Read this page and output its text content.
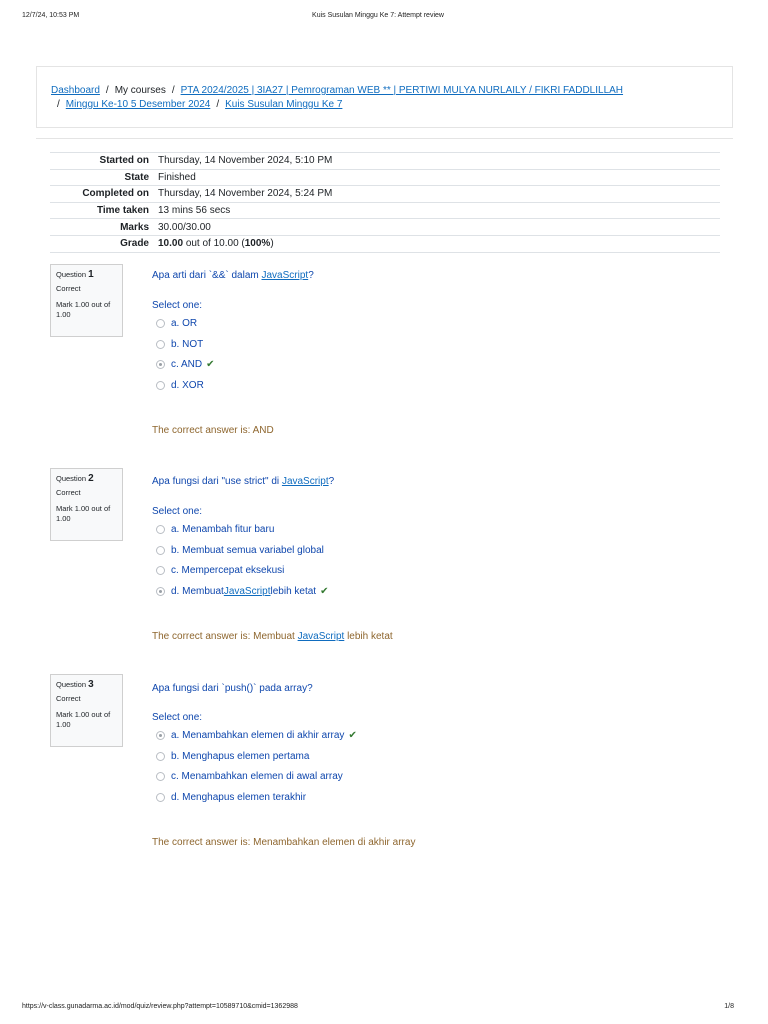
12/7/24, 10:53 PM	Kuis Susulan Minggu Ke 7: Attempt review
Dashboard / My courses / PTA 2024/2025 | 3IA27 | Pemrograman WEB ** | PERTIWI MULYA NURLAILY / FIKRI FADDLILLAH
/ Minggu Ke-10 5 Desember 2024 / Kuis Susulan Minggu Ke 7
Started on	Thursday, 14 November 2024, 5:10 PM
State	Finished
Completed on	Thursday, 14 November 2024, 5:24 PM
Time taken	13 mins 56 secs
Marks	30.00/30.00
Grade	10.00 out of 10.00 (100%)
Question 1
Correct
Mark 1.00 out of 1.00
Apa arti dari `&&` dalam JavaScript?
Select one:
a. OR
b. NOT
c. AND ✔
d. XOR
The correct answer is: AND
Question 2
Correct
Mark 1.00 out of 1.00
Apa fungsi dari "use strict" di JavaScript?
Select one:
a. Menambah fitur baru
b. Membuat semua variabel global
c. Mempercepat eksekusi
d. Membuat JavaScript lebih ketat ✔
The correct answer is: Membuat JavaScript lebih ketat
Question 3
Correct
Mark 1.00 out of 1.00
Apa fungsi dari `push()` pada array?
Select one:
a. Menambahkan elemen di akhir array ✔
b. Menghapus elemen pertama
c. Menambahkan elemen di awal array
d. Menghapus elemen terakhir
The correct answer is: Menambahkan elemen di akhir array
https://v-class.gunadarma.ac.id/mod/quiz/review.php?attempt=10589710&cmid=1362988	1/8
